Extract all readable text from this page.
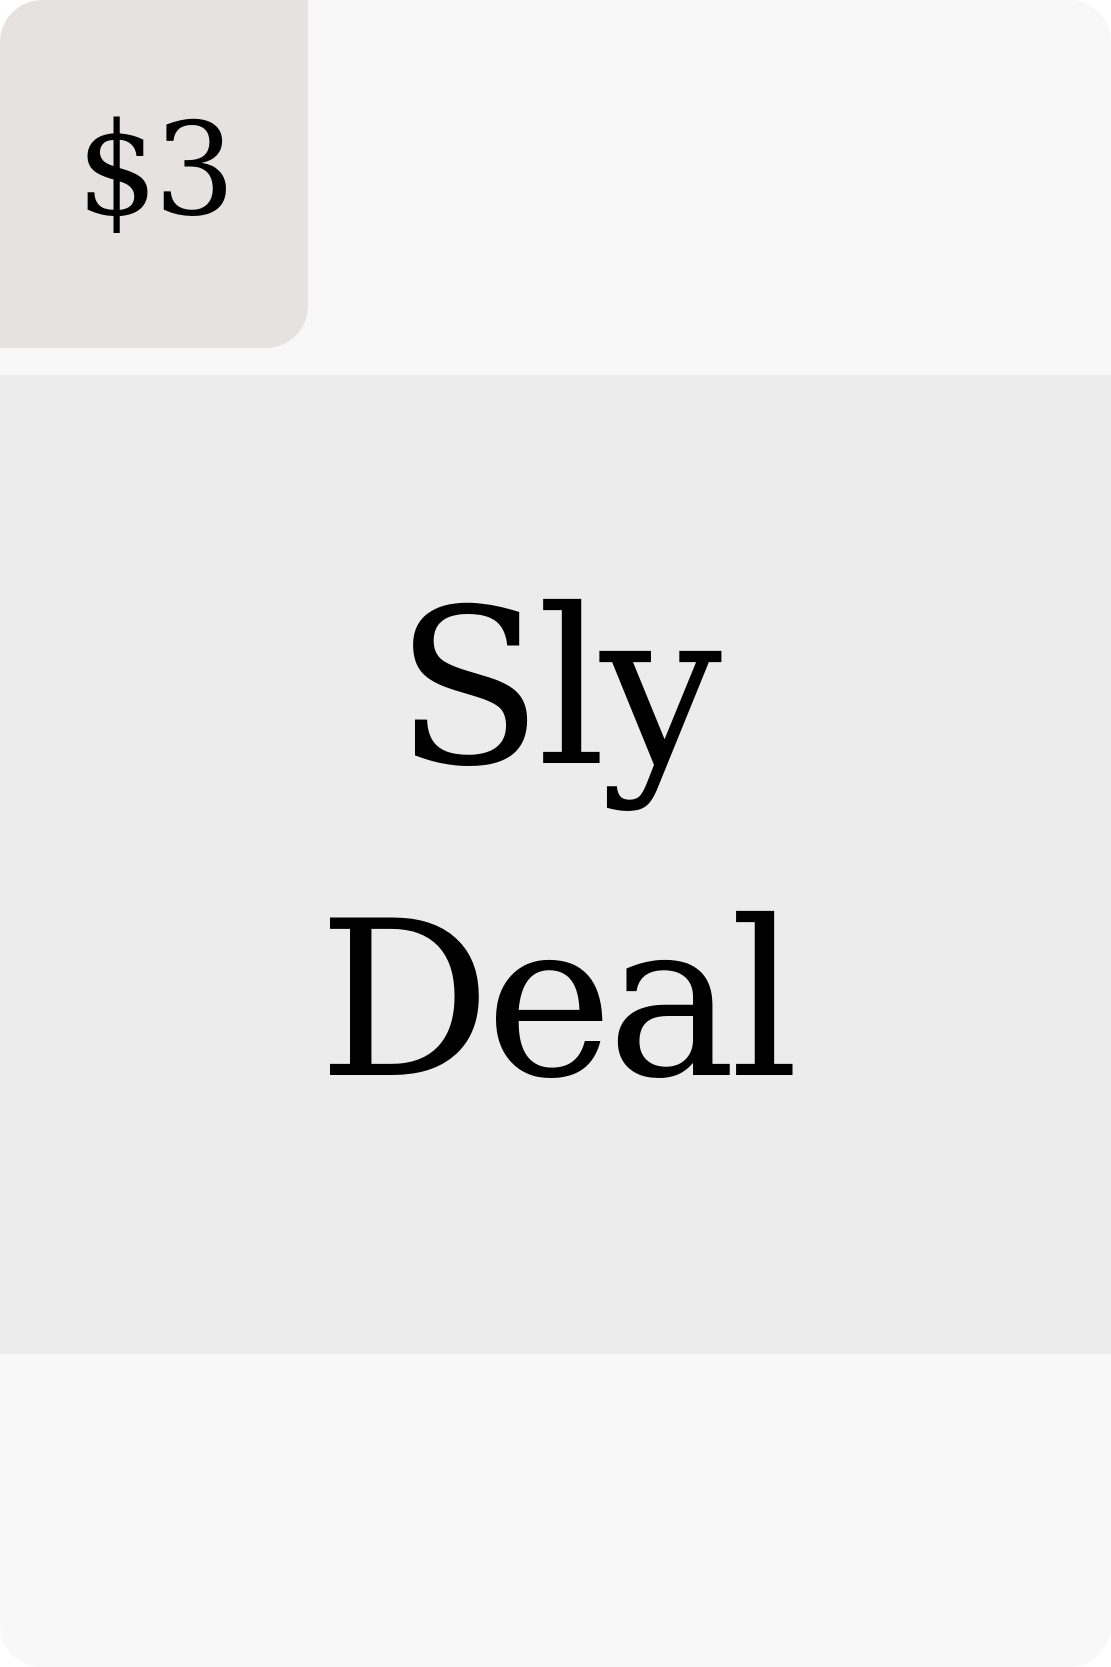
$3
Sly
Deal
